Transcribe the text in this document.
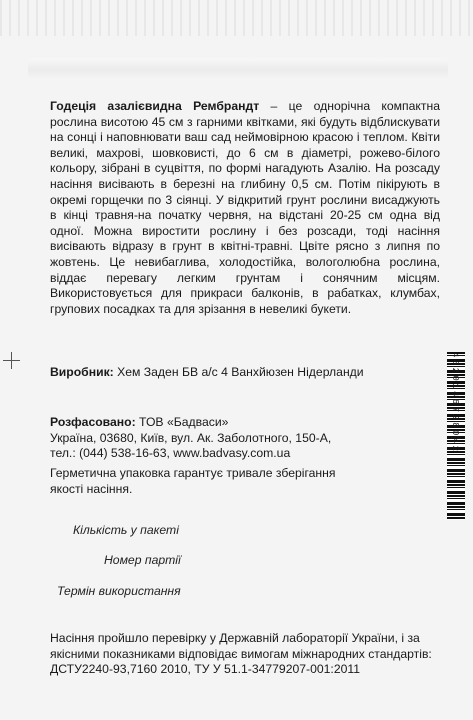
Годеція азалієвидна Рембрандт – це однорічна компактна рослина висотою 45 см з гарними квітками, які будуть відблискувати на сонці і наповнювати ваш сад неймовірною красою і теплом. Квіти великі, махрові, шовковисті, до 6 см в діаметрі, рожево-білого кольору, зібрані в суцвіття, по формі нагадують Азалію. На розсаду насіння висівають в березні на глибину 0,5 см. Потім пікірують в окремі горщечки по 3 сіянці. У відкритий грунт рослини висаджують в кінці травня-на початку червня, на відстані 20-25 см одна від одної. Можна виростити рослину і без розсади, тоді насіння висівають відразу в грунт в квітні-травні. Цвіте рясно з липня по жовтень. Це невибаглива, холодостійка, вологолюбна рослина, віддає перевагу легким грунтам і сонячним місцям. Використовується для прикраси балконів, в рабатках, клумбах, групових посадках та для зрізання в невеликі букети.
Виробник: Хем Заден БВ а/с 4 Ванхйюзен Нідерланди
Розфасовано: ТОВ «Бадваси»
Україна, 03680, Київ, вул. Ак. Заболотного, 150-А,
тел.: (044) 538-16-63, www.badvasy.com.ua
Герметична упаковка гарантує тривале зберігання якості насіння.
Кількість у пакеті
Номер партії
Термін використання
Насіння пройшло перевірку у Державній лабораторії України, і за якісними показниками відповідає вимогам міжнародних стандартів: ДСТУ2240-93,7160 2010, ТУ У 51.1-34779207-001:2011
4820146728042
